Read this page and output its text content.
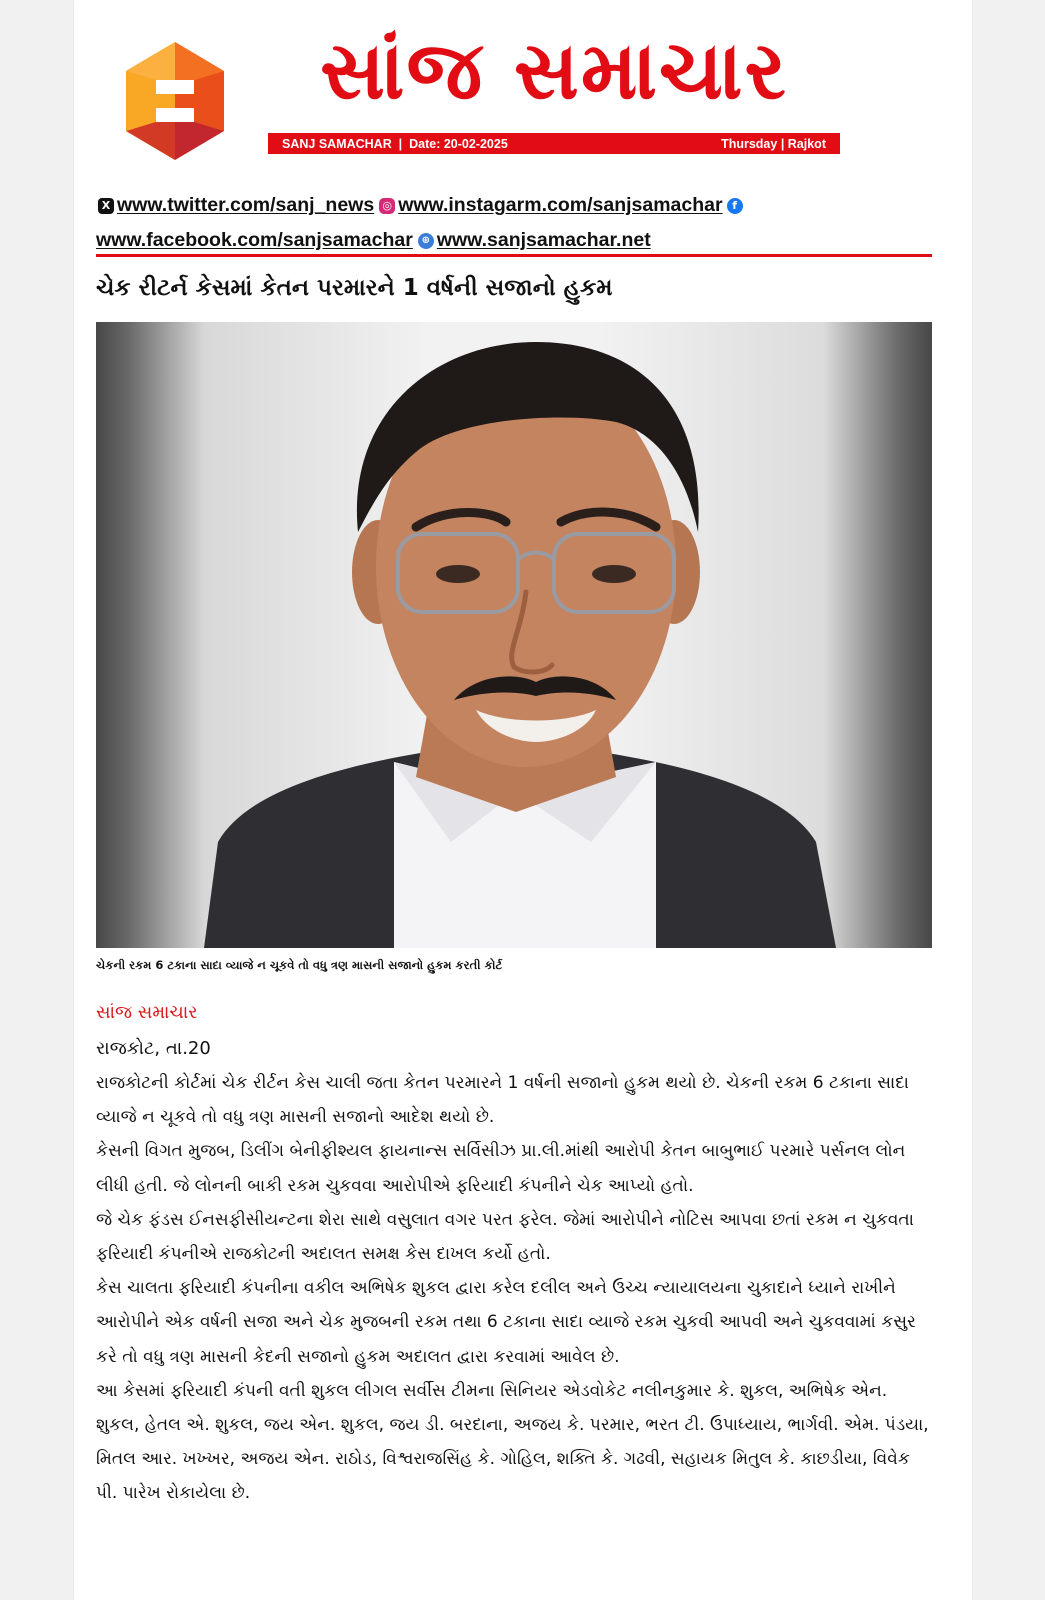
સાંજ સમાચાર
SANJ SAMACHAR  |  Date: 20-02-2025	Thursday | Rajkot
X www.twitter.com/sanj_news ◎ www.instagarm.com/sanjsamachar f
www.facebook.com/sanjsamachar ⊕ www.sanjsamachar.net
ચેક રીટર્ન કેસમાં કેતન પરમારને 1 વર્ષની સજાનો હુકમ
ચેકની રકમ 6 ટકાના સાદા વ્યાજે ન ચૂકવે તો વધુ ત્રણ માસની સજાનો હુકમ કરતી કોર્ટ
સાંજ સમાચાર
રાજકોટ, તા.20

રાજકોટની કોર્ટમાં ચેક રીર્ટન કેસ ચાલી જતા કેતન પરમારને 1 વર્ષની સજાનો હુકમ થયો છે. ચેકની રકમ 6 ટકાના સાદા વ્યાજે ન ચૂકવે તો વધુ ત્રણ માસની સજાનો આદેશ થયો છે.

કેસની વિગત મુજબ, ડિલીંગ બેનીફીશ્યલ ફાયનાન્સ સર્વિસીઝ પ્રા.લી.માંથી આરોપી કેતન બાબુભાઈ પરમારે પર્સનલ લોન લીધી હતી. જે લોનની બાકી રકમ ચુકવવા આરોપીએ ફરિયાદી કંપનીને ચેક આપ્યો હતો.

જે ચેક ફંડસ ઈનસફીસીયન્ટના શેરા સાથે વસુલાત વગર પરત ફરેલ. જેમાં આરોપીને નોટિસ આપવા છતાં રકમ ન ચુકવતા ફરિયાદી કંપનીએ રાજકોટની અદાલત સમક્ષ કેસ દાખલ કર્યો હતો.

કેસ ચાલતા ફરિયાદી કંપનીના વકીલ અભિષેક શુકલ દ્વારા કરેલ દલીલ અને ઉચ્ચ ન્યાયાલયના ચુકાદાને ધ્યાને રાખીને આરોપીને એક વર્ષની સજા અને ચેક મુજબની રકમ તથા 6 ટકાના સાદા વ્યાજે રકમ ચુકવી આપવી અને ચુકવવામાં કસુર કરે તો વધુ ત્રણ માસની કેદની સજાનો હુકમ અદાલત દ્વારા કરવામાં આવેલ છે.

આ કેસમાં ફરિયાદી કંપની વતી શુકલ લીગલ સર્વીસ ટીમના સિનિયર એડવોકેટ નલીનકુમાર કે. શુકલ, અભિષેક એન. શુકલ, હેતલ એ. શુકલ, જય એન. શુકલ, જય ડી. બરદાના, અજય કે. પરમાર, ભરત ટી. ઉપાધ્યાય, ભાર્ગવી. એમ. પંડયા, મિતલ આર. ખખ્ખર, અજય એન. રાઠોડ, વિશ્વરાજસિંહ કે. ગોહિલ, શક્તિ કે. ગઢવી, સહાયક મિતુલ કે. કાછડીયા, વિવેક પી. પારેખ રોકાયેલા છે.
